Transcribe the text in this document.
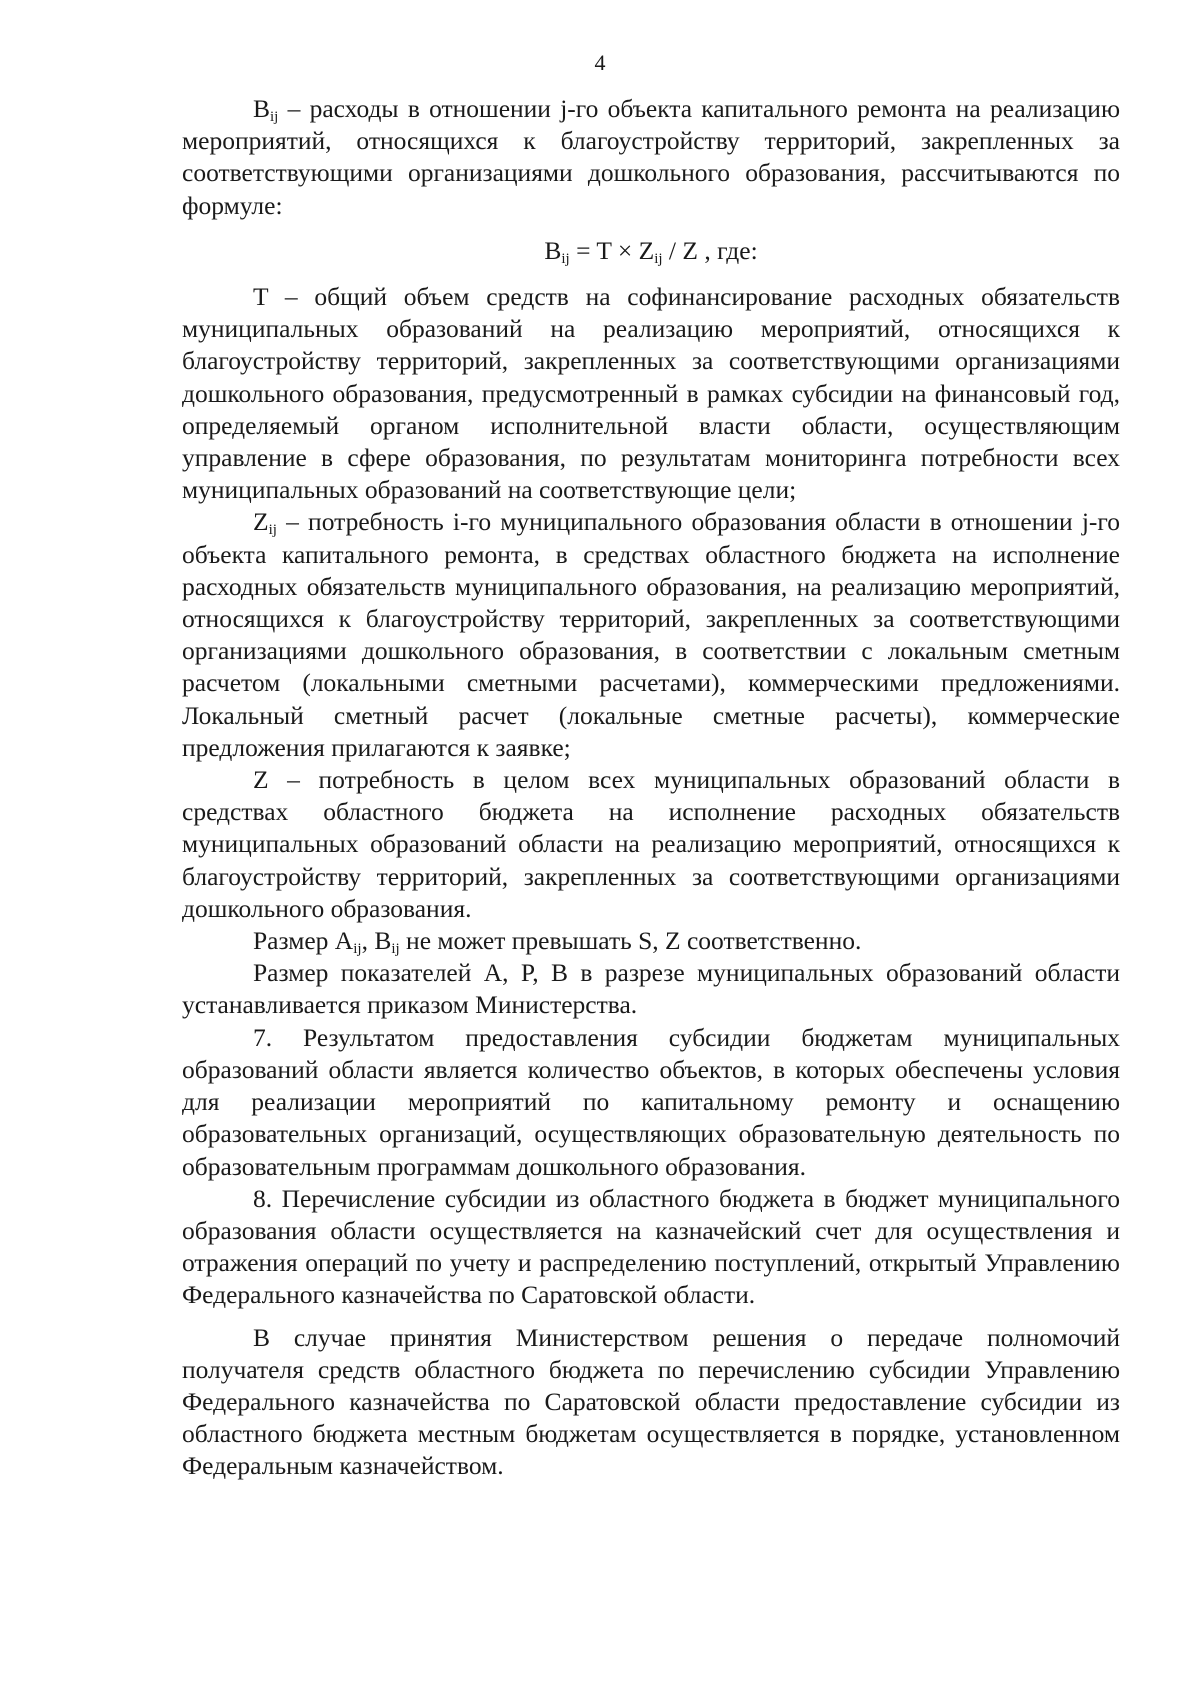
4

$B_{ij}$ – расходы в отношении j-го объекта капитального ремонта на реализацию мероприятий, относящихся к благоустройству территорий, закрепленных за соответствующими организациями дошкольного образования, рассчитываются по формуле:

$B_{ij} = T \times Z_{ij} / Z$ , где:

T – общий объем средств на софинансирование расходных обязательств муниципальных образований на реализацию мероприятий, относящихся к благоустройству территорий, закрепленных за соответствующими организациями дошкольного образования, предусмотренный в рамках субсидии на финансовый год, определяемый органом исполнительной власти области, осуществляющим управление в сфере образования, по результатам мониторинга потребности всех муниципальных образований на соответствующие цели;

$Z_{ij}$ – потребность i-го муниципального образования области в отношении j-го объекта капитального ремонта, в средствах областного бюджета на исполнение расходных обязательств муниципального образования, на реализацию мероприятий, относящихся к благоустройству территорий, закрепленных за соответствующими организациями дошкольного образования, в соответствии с локальным сметным расчетом (локальными сметными расчетами), коммерческими предложениями. Локальный сметный расчет (локальные сметные расчеты), коммерческие предложения прилагаются к заявке;

Z – потребность в целом всех муниципальных образований области в средствах областного бюджета на исполнение расходных обязательств муниципальных образований области на реализацию мероприятий, относящихся к благоустройству территорий, закрепленных за соответствующими организациями дошкольного образования.

Размер $A_{ij}$, $B_{ij}$ не может превышать S, Z соответственно.

Размер показателей A, P, B в разрезе муниципальных образований области устанавливается приказом Министерства.

7. Результатом предоставления субсидии бюджетам муниципальных образований области является количество объектов, в которых обеспечены условия для реализации мероприятий по капитальному ремонту и оснащению образовательных организаций, осуществляющих образовательную деятельность по образовательным программам дошкольного образования.

8. Перечисление субсидии из областного бюджета в бюджет муниципального образования области осуществляется на казначейский счет для осуществления и отражения операций по учету и распределению поступлений, открытый Управлению Федерального казначейства по Саратовской области.

В случае принятия Министерством решения о передаче полномочий получателя средств областного бюджета по перечислению субсидии Управлению Федерального казначейства по Саратовской области предоставление субсидии из областного бюджета местным бюджетам осуществляется в порядке, установленном Федеральным казначейством.
